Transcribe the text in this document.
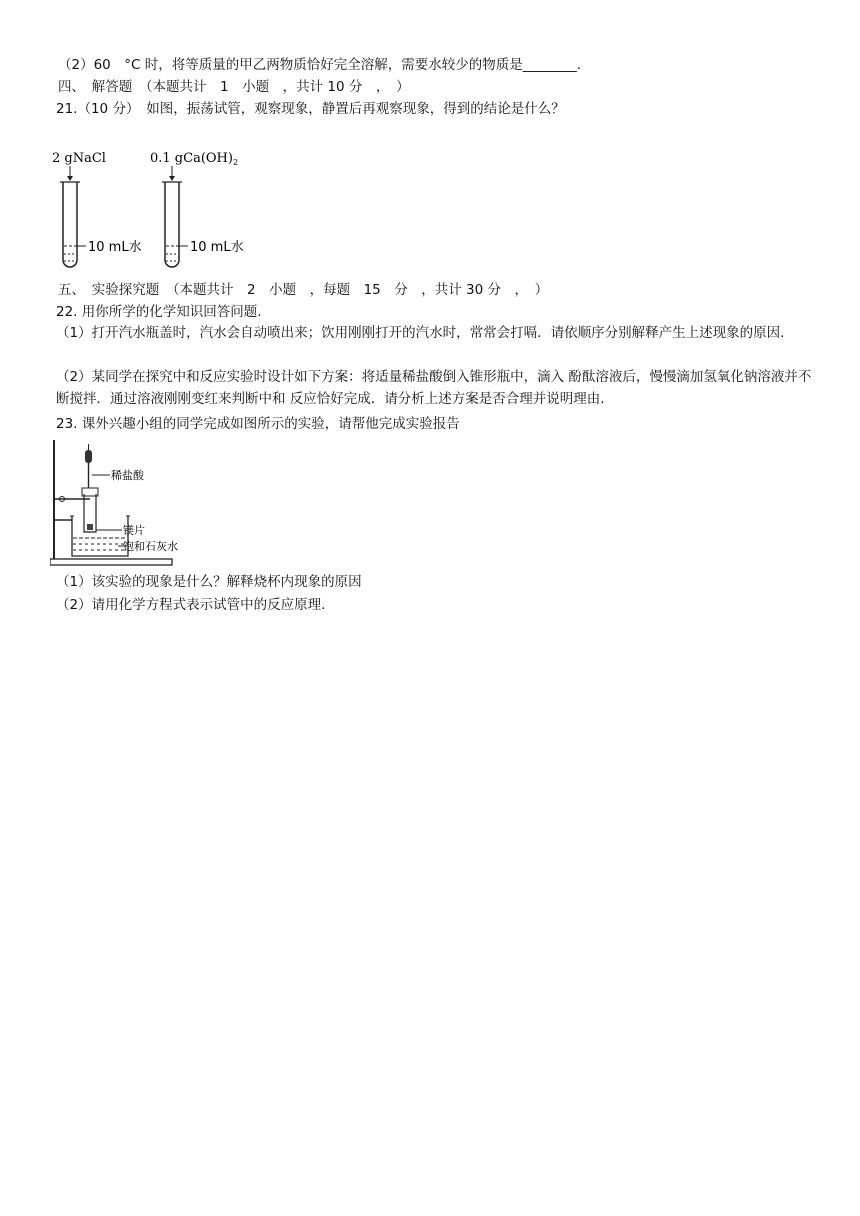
（2）60　°C 时，将等质量的甲乙两物质恰好完全溶解，需要水较少的物质是________.
四、　解答题　（本题共计　1　小题　，共计 10 分　，　）
21.（10 分）　如图，振荡试管，观察现象，静置后再观察现象，得到的结论是什么？
2 gNaCl
10 mL水
0.1 $gCa(OH)_2$
10 mL水
五、　实验探究题　（本题共计　2　小题　，每题　15　分　，共计 30 分　，　）
22. 用你所学的化学知识回答问题.
（1）打开汽水瓶盖时，汽水会自动喷出来；饮用刚刚打开的汽水时，常常会打嗝．请依顺序分别解释产生上述现象的原因.
（2）某同学在探究中和反应实验时设计如下方案：将适量稀盐酸倒入锥形瓶中，滴入 酚酞溶液后，慢慢滴加氢氧化钠溶液并不断搅拌．通过溶液刚刚变红来判断中和 反应恰好完成．请分析上述方案是否合理并说明理由.
23. 课外兴趣小组的同学完成如图所示的实验，请帮他完成实验报告
稀盐酸
镁片
饱和石灰水
（1）该实验的现象是什么？解释烧杯内现象的原因
（2）请用化学方程式表示试管中的反应原理.
